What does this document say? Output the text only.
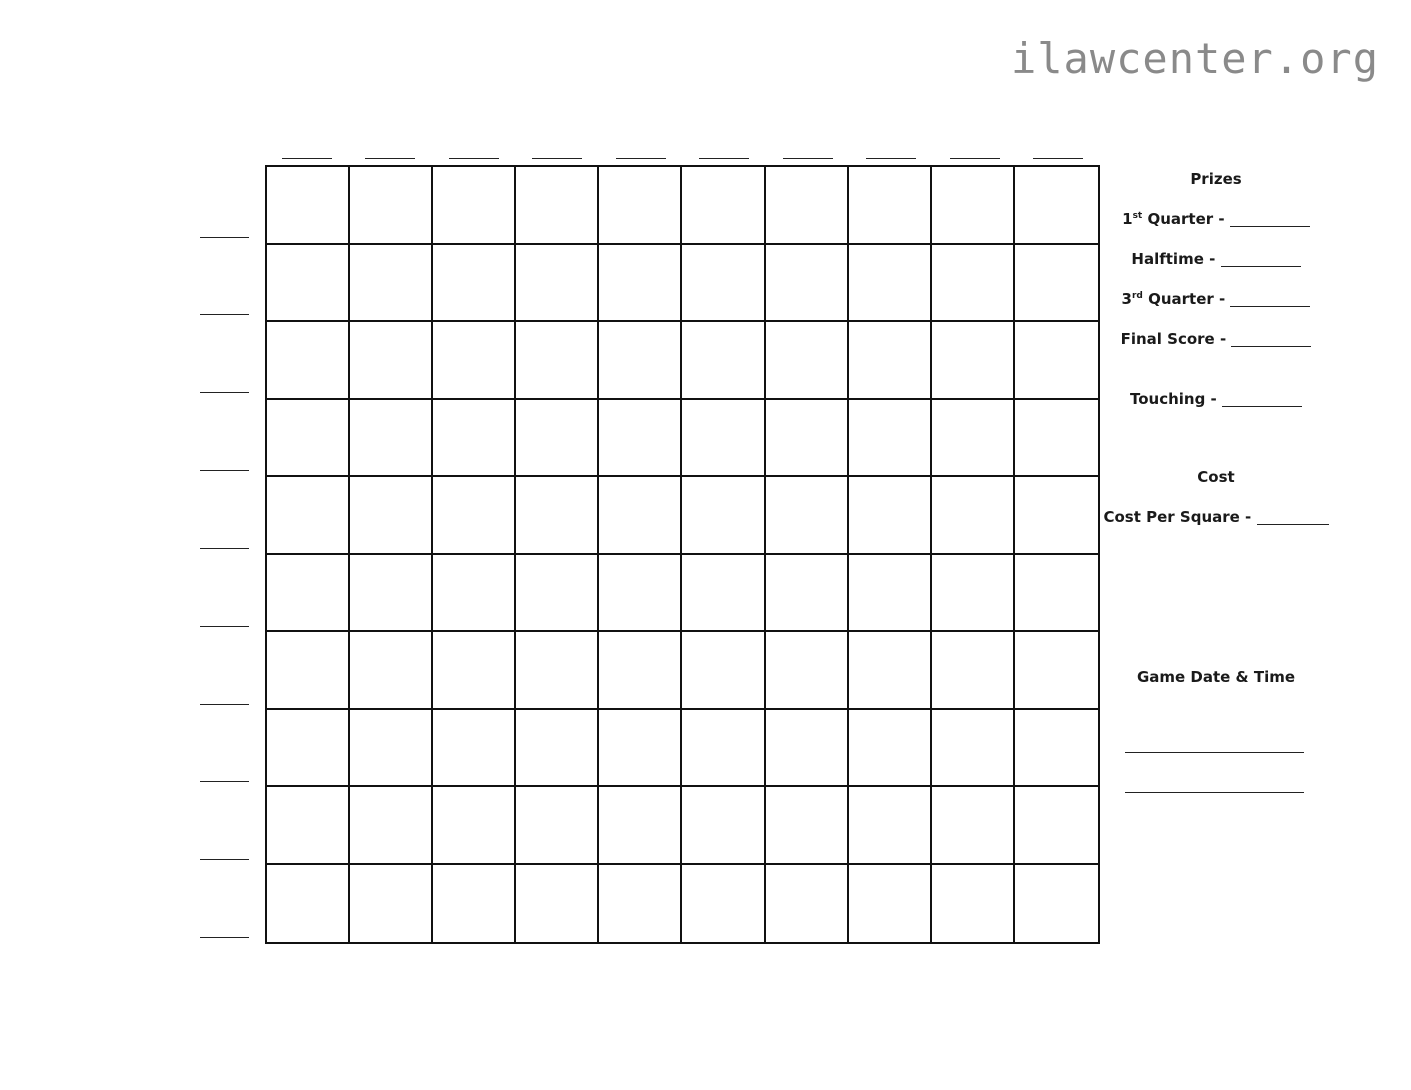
ilawcenter.org
Prizes
1st Quarter -
Halftime -
3rd Quarter -
Final Score -
Touching -
Cost
Cost Per Square -
Game Date & Time
